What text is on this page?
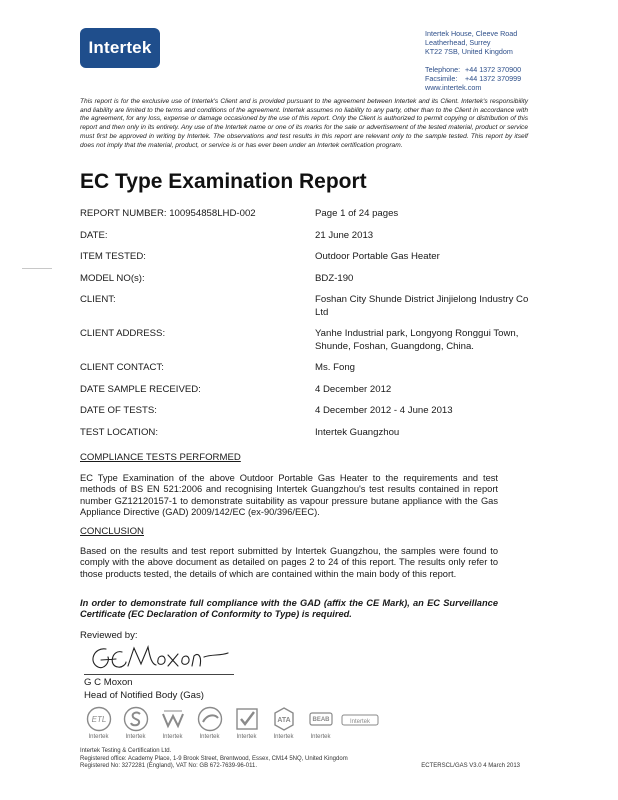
Intertek
Intertek House, Cleeve Road
Leatherhead, Surrey
KT22 7SB, United Kingdom
Telephone: +44 1372 370900
Facsimile:	+44 1372 370999
www.intertek.com
This report is for the exclusive use of Intertek's Client and is provided pursuant to the agreement between Intertek and its Client. Intertek's responsibility and liability are limited to the terms and conditions of the agreement. Intertek assumes no liability to any party, other than to the Client in accordance with the agreement, for any loss, expense or damage occasioned by the use of this report. Only the Client is authorized to permit copying or distribution of this report and then only in its entirety. Any use of the Intertek name or one of its marks for the sale or advertisement of the tested material, product or service must first be approved in writing by Intertek. The observations and test results in this report are relevant only to the sample tested. This report by itself does not imply that the material, product, or service is or has ever been under an Intertek certification program.
EC Type Examination Report
REPORT NUMBER: 100954858LHD-002	Page 1 of 24 pages
DATE:	21 June 2013
ITEM TESTED:	Outdoor Portable Gas Heater
MODEL NO(s):	BDZ-190
CLIENT:	Foshan City Shunde District Jinjielong Industry Co Ltd
CLIENT ADDRESS:	Yanhe Industrial park, Longyong Ronggui Town, Shunde, Foshan, Guangdong, China.
CLIENT CONTACT:	Ms. Fong
DATE SAMPLE RECEIVED:	4 December 2012
DATE OF TESTS:	4 December 2012 - 4 June 2013
TEST LOCATION:	Intertek Guangzhou
COMPLIANCE TESTS PERFORMED
EC Type Examination of the above Outdoor Portable Gas Heater to the requirements and test methods of BS EN 521:2006 and recognising Intertek Guangzhou's test results contained in report number GZ12120157-1 to demonstrate suitability as vapour pressure butane appliance with the Gas Appliance Directive (GAD) 2009/142/EC (ex-90/396/EEC).
CONCLUSION
Based on the results and test report submitted by Intertek Guangzhou, the samples were found to comply with the above document as detailed on pages 2 to 24 of this report. The results only refer to those products tested, the details of which are contained within the main body of this report.
In order to demonstrate full compliance with the GAD (affix the CE Mark), an EC Surveillance Certificate (EC Declaration of Conformity to Type) is required.
Reviewed by:
G C Moxon
Head of Notified Body (Gas)
ETL
Intertek	Intertek	Intertek	Intertek	Intertek
ATA
Intertek
BEAB
Intertek
Intertek
Intertek Testing & Certification Ltd.
Registered office: Academy Place, 1-9 Brook Street, Brentwood, Essex, CM14 5NQ, United Kingdom
Registered No: 3272281 (England), VAT No: GB 672-7639-96-011.	ECTERSCL/GAS V3.0 4 March 2013
